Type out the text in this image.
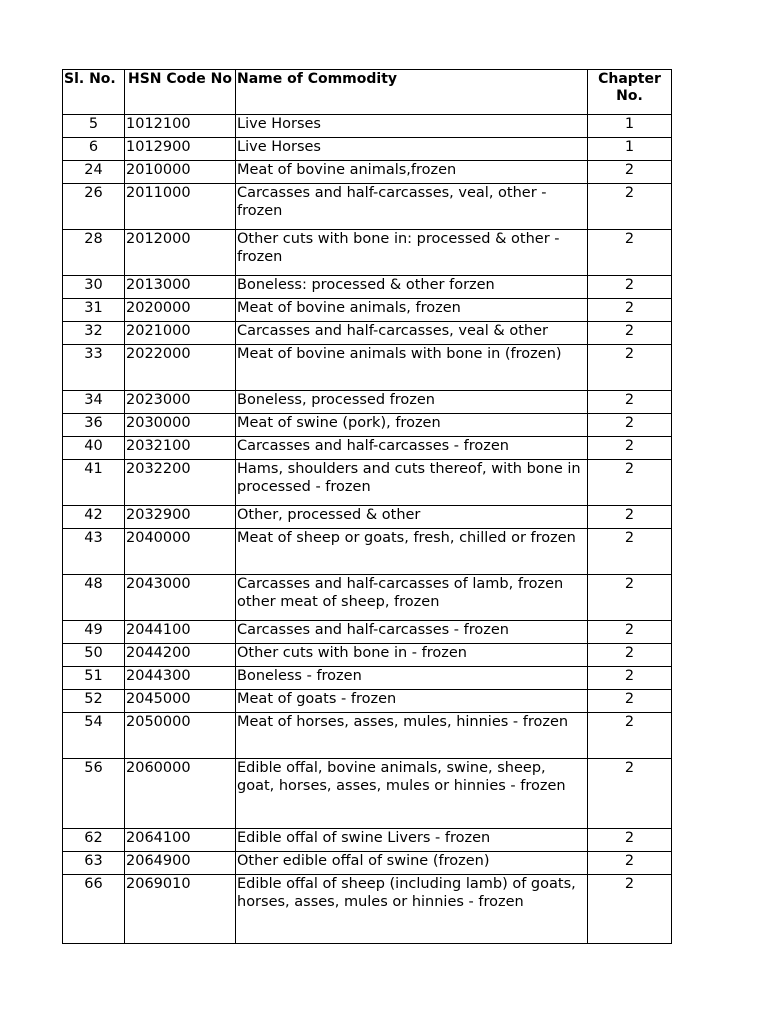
Sl. No.	HSN Code No	Name of Commodity	Chapter No.
5	1012100	Live Horses	1
6	1012900	Live Horses	1
24	2010000	Meat of bovine animals,frozen	2
26	2011000	Carcasses and half-carcasses, veal, other - frozen	2
28	2012000	Other cuts with bone in: processed & other - frozen	2
30	2013000	Boneless: processed & other forzen	2
31	2020000	Meat of bovine animals, frozen	2
32	2021000	Carcasses and half-carcasses, veal & other	2
33	2022000	Meat of bovine animals with bone in (frozen)	2
34	2023000	Boneless, processed frozen	2
36	2030000	Meat of swine (pork), frozen	2
40	2032100	Carcasses and half-carcasses - frozen	2
41	2032200	Hams, shoulders and cuts thereof, with bone in processed - frozen	2
42	2032900	Other, processed & other	2
43	2040000	Meat of sheep or goats, fresh, chilled or frozen	2
48	2043000	Carcasses and half-carcasses of lamb, frozen other meat of sheep, frozen	2
49	2044100	Carcasses and half-carcasses - frozen	2
50	2044200	Other cuts with bone in - frozen	2
51	2044300	Boneless - frozen	2
52	2045000	Meat of goats - frozen	2
54	2050000	Meat of horses, asses, mules, hinnies - frozen	2
56	2060000	Edible offal, bovine animals, swine, sheep, goat, horses, asses, mules or hinnies - frozen	2
62	2064100	Edible offal of swine Livers - frozen	2
63	2064900	Other edible offal of swine (frozen)	2
66	2069010	Edible offal of sheep (including lamb) of goats, horses, asses, mules or hinnies - frozen	2
